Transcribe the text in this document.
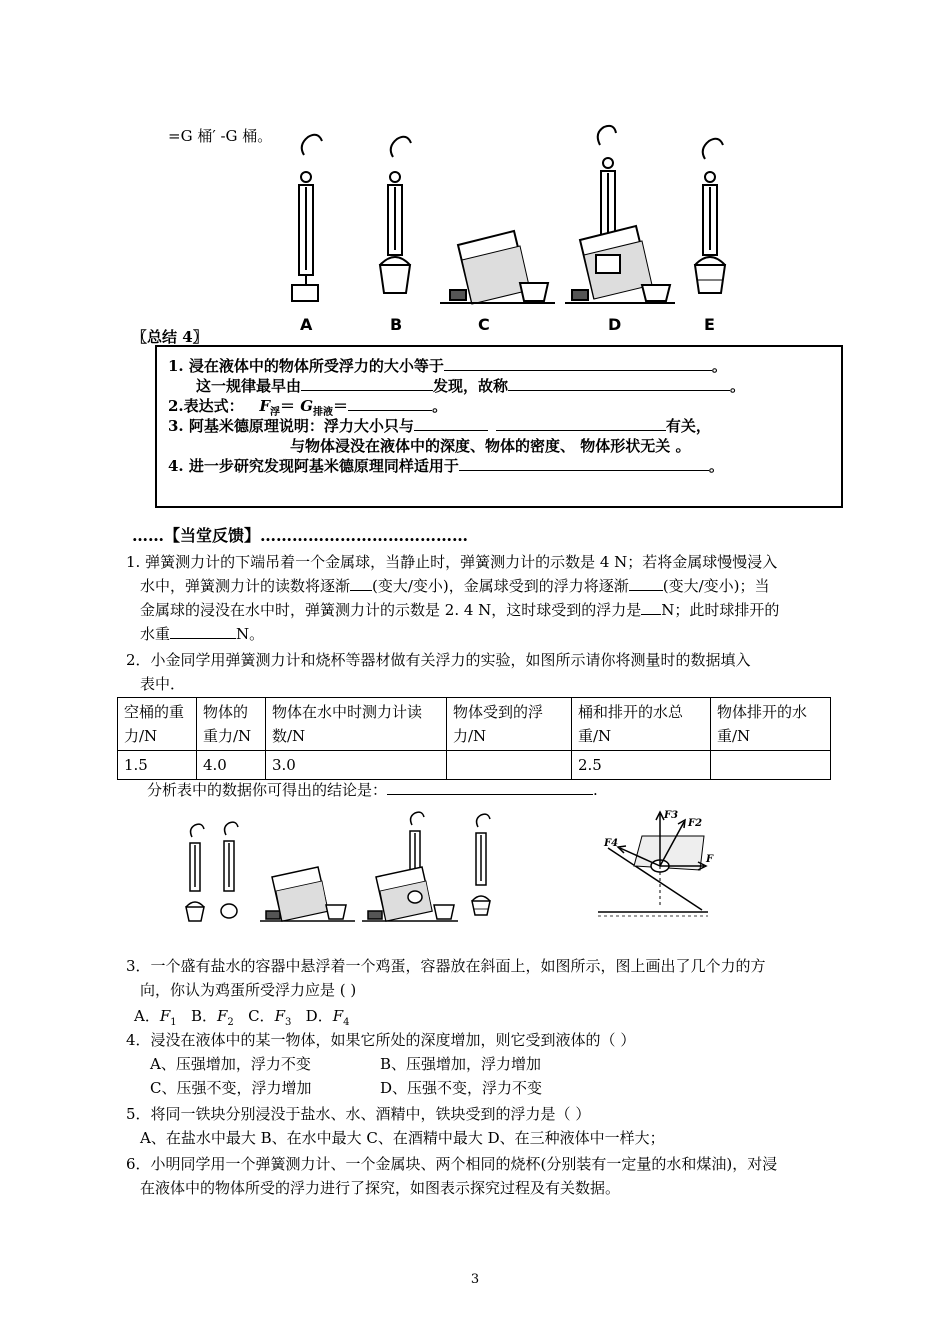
=G 桶′ -G 桶。
A	B	C	D	E
〖总结 4〗
1. 浸在液体中的物体所受浮力的大小等于	。
这一规律最早由	发现，故称	。
2.表达式： $F_浮= G_{排液}=$	。
3. 阿基米德原理说明：浮力大小只与	有关，
与物体浸没在液体中的深度、物体的密度、 物体形状无关 。
4. 进一步研究发现阿基米德原理同样适用于	。
……【当堂反馈】…………………………………
1. 弹簧测力计的下端吊着一个金属球，当静止时，弹簧测力计的示数是 4 N；若将金属球慢慢浸入
水中，弹簧测力计的读数将逐渐 (变大/变小)，金属球受到的浮力将逐渐 (变大/变小)；当
金属球的浸没在水中时，弹簧测力计的示数是 2. 4 N，这时球受到的浮力是 N；此时球排开的
水重	N。
2．小金同学用弹簧测力计和烧杯等器材做有关浮力的实验，如图所示请你将测量时的数据填入
表中．
空桶的重力/N	物体的重力/N	物体在水中时测力计读数/N	物体受到的浮力/N	桶和排开的水总重/N	物体排开的水重/N
1.5	4.0	3.0		2.5	
分析表中的数据你可得出的结论是：	.
F3
F2
F4
F
3．一个盛有盐水的容器中悬浮着一个鸡蛋，容器放在斜面上，如图所示，图上画出了几个力的方
向，你认为鸡蛋所受浮力应是 ( )
A．$F_1$   B．$F_2$   C．$F_3$   D．$F_4$
4．浸没在液体中的某一物体，如果它所处的深度增加，则它受到液体的（ ）
A、压强增加，浮力不变	B、压强增加，浮力增加
C、压强不变，浮力增加	D、压强不变，浮力不变
5．将同一铁块分别浸没于盐水、水、酒精中，铁块受到的浮力是（ ）
A、在盐水中最大 B、在水中最大 C、在酒精中最大 D、在三种液体中一样大；
6．小明同学用一个弹簧测力计、一个金属块、两个相同的烧杯(分别装有一定量的水和煤油)，对浸
在液体中的物体所受的浮力进行了探究，如图表示探究过程及有关数据。
3
